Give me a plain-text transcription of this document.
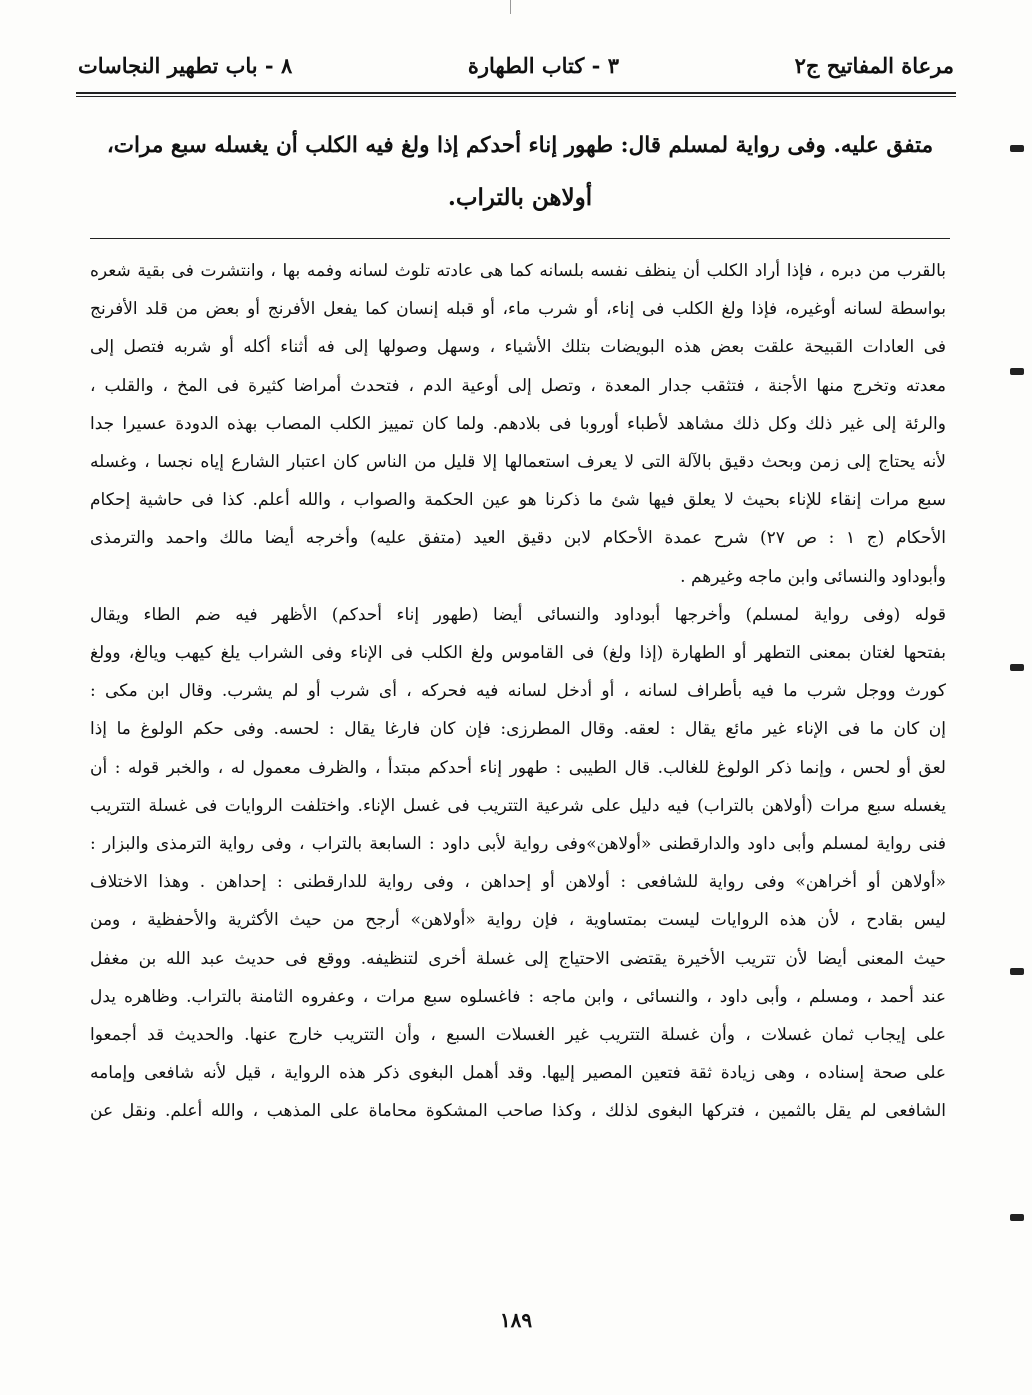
مرعاة المفاتيح ج٢
٣ - كتاب الطهارة
٨ - باب تطهير النجاسات

متفق عليه. وفى رواية لمسلم قال: طهور إناء أحدكم إذا ولغ فيه الكلب أن يغسله سبع مرات،

أولاهن بالتراب.

بالقرب من دبره ، فإذا أراد الكلب أن ينظف نفسه بلسانه كما هى عادته تلوث لسانه وفمه بها ، وانتشرت فى بقية شعره

بواسطة لسانه أوغيره، فإذا ولغ الكلب فى إناء، أو شرب ماء، أو قبله إنسان كما يفعل الأفرنج أو بعض من قلد الأفرنج

فى العادات القبيحة علقت بعض هذه البويضات بتلك الأشياء ، وسهل وصولها إلى فه أثناء أكله أو شربه فتصل إلى

معدته وتخرج منها الأجنة ، فتثقب جدار المعدة ، وتصل إلى أوعية الدم ، فتحدث أمراضا كثيرة فى المخ ، والقلب ،

والرئة إلى غير ذلك وكل ذلك مشاهد لأطباء أوروبا فى بلادهم. ولما كان تمييز الكلب المصاب بهذه الدودة عسيرا جدا

لأنه يحتاج إلى زمن وبحث دقيق بالآلة التى لا يعرف استعمالها إلا قليل من الناس كان اعتبار الشارع إياه نجسا ، وغسله

سبع مرات إنقاء للإناء بحيث لا يعلق فيها شئ ما ذكرنا هو عين الحكمة والصواب ، والله أعلم. كذا فى حاشية إحكام

الأحكام (ج ١ : ص ٢٧) شرح عمدة الأحكام لابن دقيق العيد (متفق عليه) وأخرجه أيضا مالك واحمد والترمذى

وأبوداود والنسائى وابن ماجه وغيرهم .

قوله (وفى رواية لمسلم) وأخرجها أبوداود والنسائى أيضا (طهور إناء أحدكم) الأظهر فيه ضم الطاء ويقال

بفتحها لغتان بمعنى التطهر أو الطهارة (إذا ولغ) فى القاموس ولغ الكلب فى الإناء وفى الشراب يلغ كيهب ويالغ، وولغ

كورث ووجل شرب ما فيه بأطراف لسانه ، أو أدخل لسانه فيه فحركه ، أى شرب أو لم يشرب. وقال ابن مكى :

إن كان ما فى الإناء غير مائع يقال : لعقه. وقال المطرزى: فإن كان فارغا يقال : لحسه. وفى حكم الولوغ ما إذا

لعق أو لحس ، وإنما ذكر الولوغ للغالب. قال الطيبى : طهور إناء أحدكم مبتدأ ، والظرف معمول له ، والخبر قوله : أن

يغسله سبع مرات (أولاهن بالتراب) فيه دليل على شرعية التتريب فى غسل الإناء. واختلفت الروايات فى غسلة التتريب

فنى رواية لمسلم وأبى داود والدارقطنى «أولاهن»وفى رواية لأبى داود : السابعة بالتراب ، وفى رواية الترمذى والبزار :

«أولاهن أو أخراهن» وفى رواية للشافعى : أولاهن أو إحداهن ، وفى رواية للدارقطنى : إحداهن . وهذا الاختلاف

ليس بقادح ، لأن هذه الروايات ليست بمتساوية ، فإن رواية «أولاهن» أرجح من حيث الأكثرية والأحفظية ، ومن

حيث المعنى أيضا لأن تتريب الأخيرة يقتضى الاحتياج إلى غسلة أخرى لتنظيفه. ووقع فى حديث عبد الله بن مغفل

عند أحمد ، ومسلم ، وأبى داود ، والنسائى ، وابن ماجه : فاغسلوه سبع مرات ، وعفروه الثامنة بالتراب. وظاهره يدل

على إيجاب ثمان غسلات ، وأن غسلة التتريب غير الغسلات السبع ، وأن التتريب خارج عنها. والحديث قد أجمعوا

على صحة إسناده ، وهى زيادة ثقة فتعين المصير إليها. وقد أهمل البغوى ذكر هذه الرواية ، قيل لأنه شافعى وإمامه

الشافعى لم يقل بالثمين ، فتركها البغوى لذلك ، وكذا صاحب المشكوة محاماة على المذهب ، والله أعلم. ونقل عن

١٨٩
